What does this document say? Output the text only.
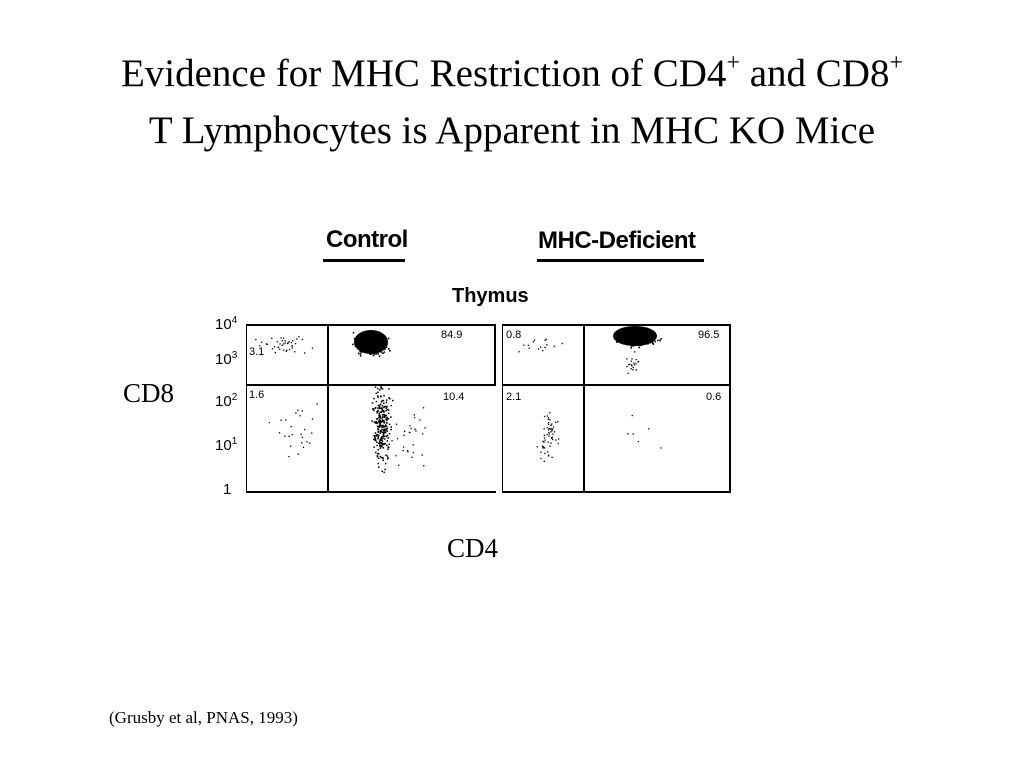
Evidence for MHC Restriction of CD4+ and CD8+
T Lymphocytes is Apparent in MHC KO Mice
Control	MHC-Deficient
Thymus
$10^4$
$10^3$
$10^2$
$10^1$
1
3.1
84.9
1.6	10.4
0.8	96.5
2.1	0.6
CD8
CD4
(Grusby et al, PNAS, 1993)
